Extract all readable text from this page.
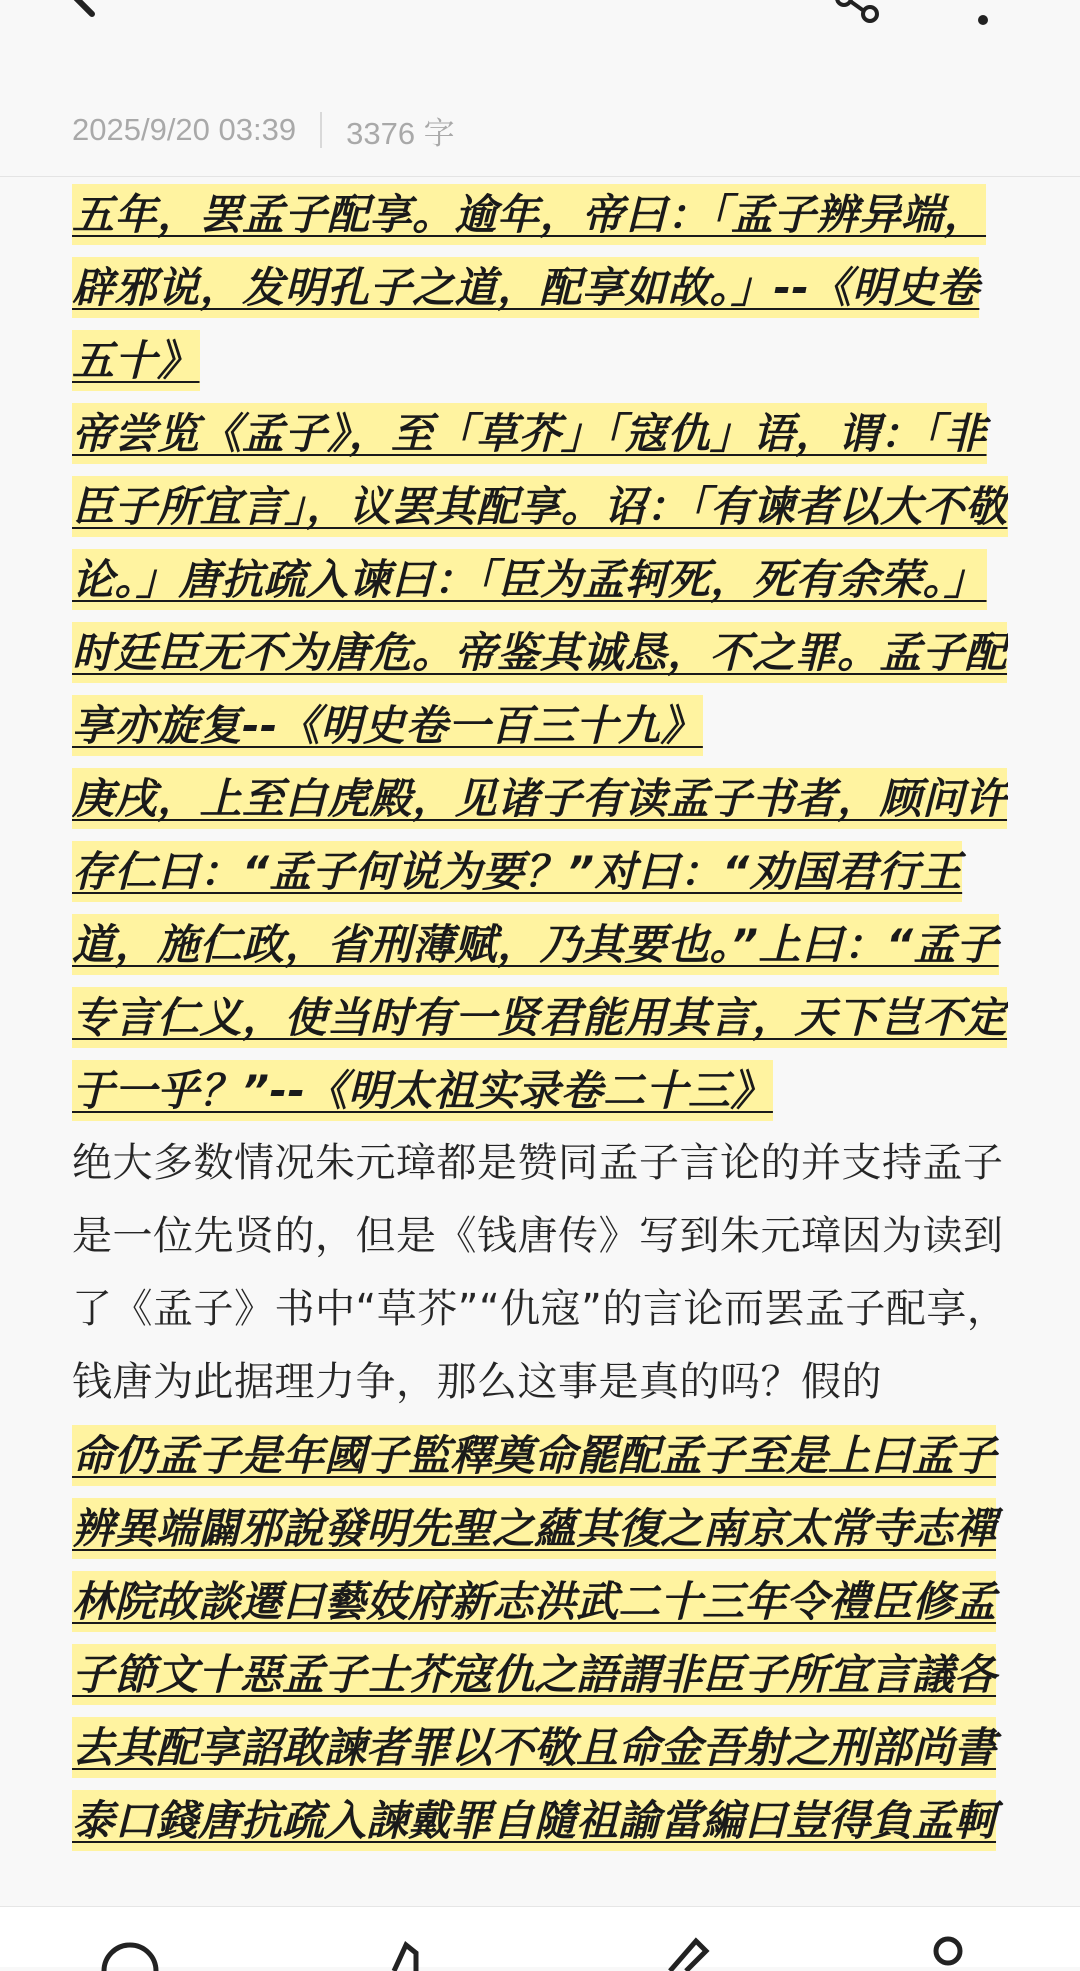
2025/9/20 03:39 3376 字
五年，罢孟子配享。逾年，帝曰：「孟子辨异端，辟邪说，发明孔子之道，配享如故。」--《明史卷五十》
帝尝览《孟子》，至「草芥」「寇仇」语，谓：「非臣子所宜言」，议罢其配享。诏：「有谏者以大不敬论。」唐抗疏入谏曰：「臣为孟轲死，死有余荣。」时廷臣无不为唐危。帝鉴其诚恳，不之罪。孟子配享亦旋复--《明史卷一百三十九》
庚戌，上至白虎殿，见诸子有读孟子书者，顾问许存仁曰：“孟子何说为要？”对曰：“劝国君行王道，施仁政，省刑薄赋，乃其要也。”上曰：“孟子专言仁义，使当时有一贤君能用其言，天下岂不定于一乎？”--《明太祖实录卷二十三》
绝大多数情况朱元璋都是赞同孟子言论的并支持孟子是一位先贤的，但是《钱唐传》写到朱元璋因为读到了《孟子》书中“草芥”“仇寇”的言论而罢孟子配享，钱唐为此据理力争，那么这事是真的吗？假的
命仍孟子是年國子監釋奠命罷配孟子至是上曰孟子辨異端闢邪說發明先聖之蘊其復之南京太常寺志禪林院故談遷曰藝妓府新志洪武二十三年令禮臣修孟子節文十惡孟子士芥寇仇之語謂非臣子所宜言議各去其配享詔敢諫者罪以不敬且命金吾射之刑部尚書泰口錢唐抗疏入諫戴罪自隨祖諭當編曰豈得負孟軻
